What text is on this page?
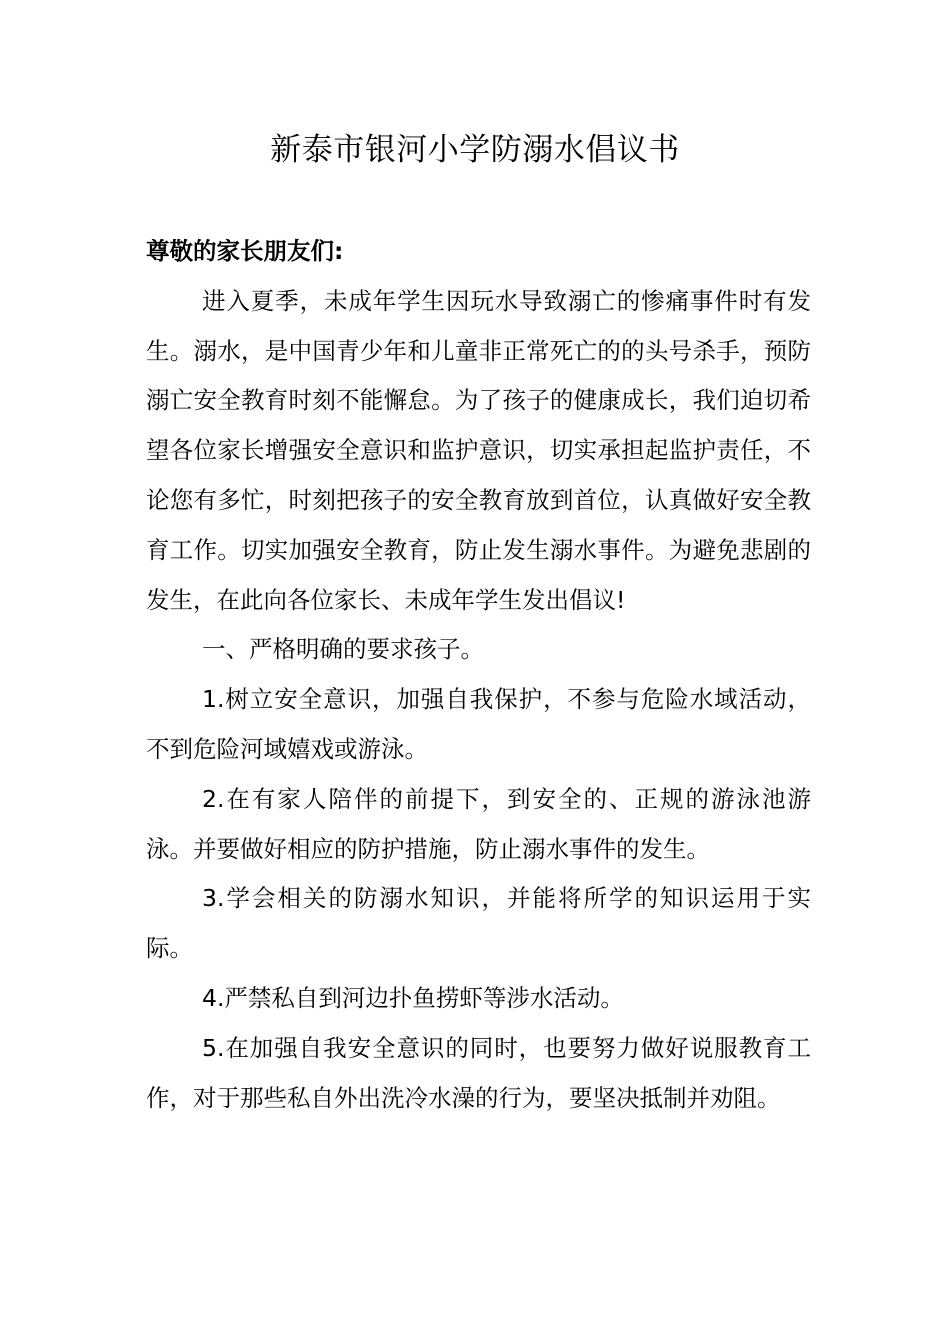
新泰市银河小学防溺水倡议书

尊敬的家长朋友们:

进入夏季，未成年学生因玩水导致溺亡的惨痛事件时有发生。溺水，是中国青少年和儿童非正常死亡的的头号杀手，预防溺亡安全教育时刻不能懈怠。为了孩子的健康成长，我们迫切希望各位家长增强安全意识和监护意识，切实承担起监护责任，不论您有多忙，时刻把孩子的安全教育放到首位，认真做好安全教育工作。切实加强安全教育，防止发生溺水事件。为避免悲剧的发生，在此向各位家长、未成年学生发出倡议!

一、严格明确的要求孩子。

1.树立安全意识，加强自我保护，不参与危险水域活动，不到危险河域嬉戏或游泳。

2.在有家人陪伴的前提下，到安全的、正规的游泳池游泳。并要做好相应的防护措施，防止溺水事件的发生。

3.学会相关的防溺水知识，并能将所学的知识运用于实际。

4.严禁私自到河边扑鱼捞虾等涉水活动。

5.在加强自我安全意识的同时，也要努力做好说服教育工作，对于那些私自外出洗冷水澡的行为，要坚决抵制并劝阻。
